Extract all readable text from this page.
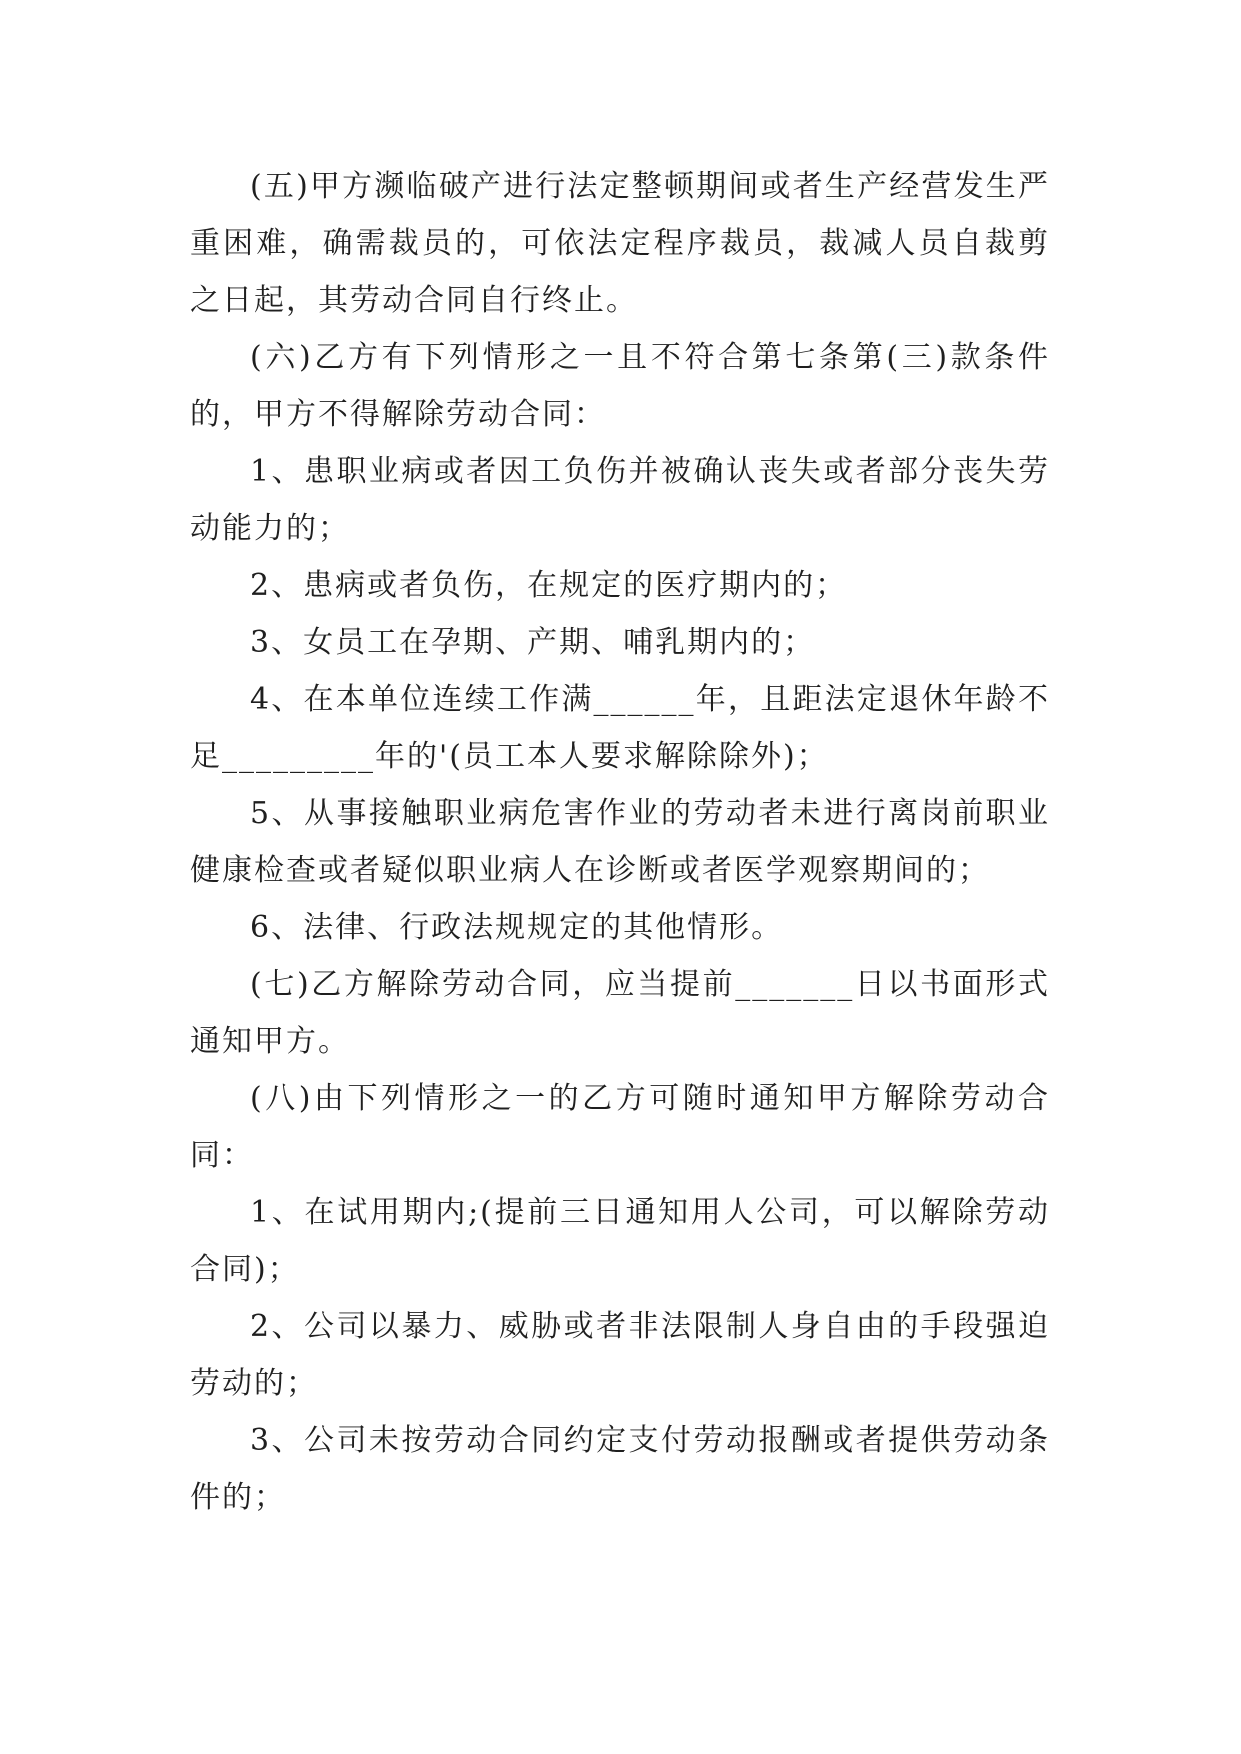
(五)甲方濒临破产进行法定整顿期间或者生产经营发生严重困难，确需裁员的，可依法定程序裁员，裁减人员自裁剪之日起，其劳动合同自行终止。

(六)乙方有下列情形之一且不符合第七条第(三)款条件的，甲方不得解除劳动合同：

1、患职业病或者因工负伤并被确认丧失或者部分丧失劳动能力的；

2、患病或者负伤，在规定的医疗期内的；

3、女员工在孕期、产期、哺乳期内的；

4、在本单位连续工作满______年，且距法定退休年龄不足_________年的'(员工本人要求解除除外)；

5、从事接触职业病危害作业的劳动者未进行离岗前职业健康检查或者疑似职业病人在诊断或者医学观察期间的；

6、法律、行政法规规定的其他情形。

(七)乙方解除劳动合同，应当提前_______日以书面形式通知甲方。

(八)由下列情形之一的乙方可随时通知甲方解除劳动合同：

1、在试用期内;(提前三日通知用人公司，可以解除劳动合同)；

2、公司以暴力、威胁或者非法限制人身自由的手段强迫劳动的；

3、公司未按劳动合同约定支付劳动报酬或者提供劳动条件的；
